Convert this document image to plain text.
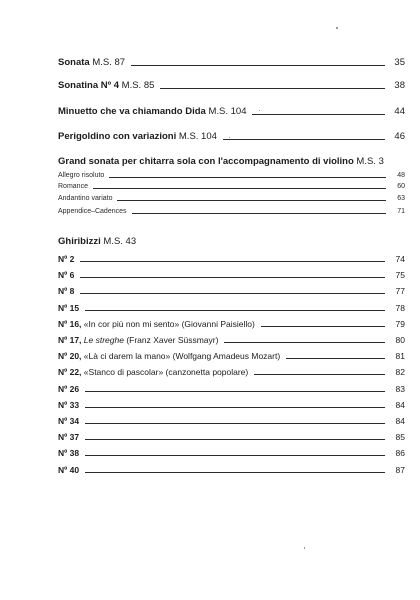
Sonata M.S. 87	35
Sonatina Nº 4 M.S. 85	38
Minuetto che va chiamando Dida M.S. 104	44
Perigoldino con variazioni M.S. 104	46
Grand sonata per chitarra sola con l'accompagnamento di violino M.S. 3
Allegro risoluto	48
Romance	60
Andantino variato	63
Appendice–Cadences	71
Ghiribizzi M.S. 43
Nº 2	74
Nº 6	75
Nº 8	77
Nº 15	78
Nº 16, «In cor più non mi sento» (Giovanni Paisiello)	79
Nº 17, Le streghe (Franz Xaver Süssmayr)	80
Nº 20, «Là ci darem la mano» (Wolfgang Amadeus Mozart)	81
Nº 22, «Stanco di pascolar» (canzonetta popolare)	82
Nº 26	83
Nº 33	84
Nº 34	84
Nº 37	85
Nº 38	86
Nº 40	87
